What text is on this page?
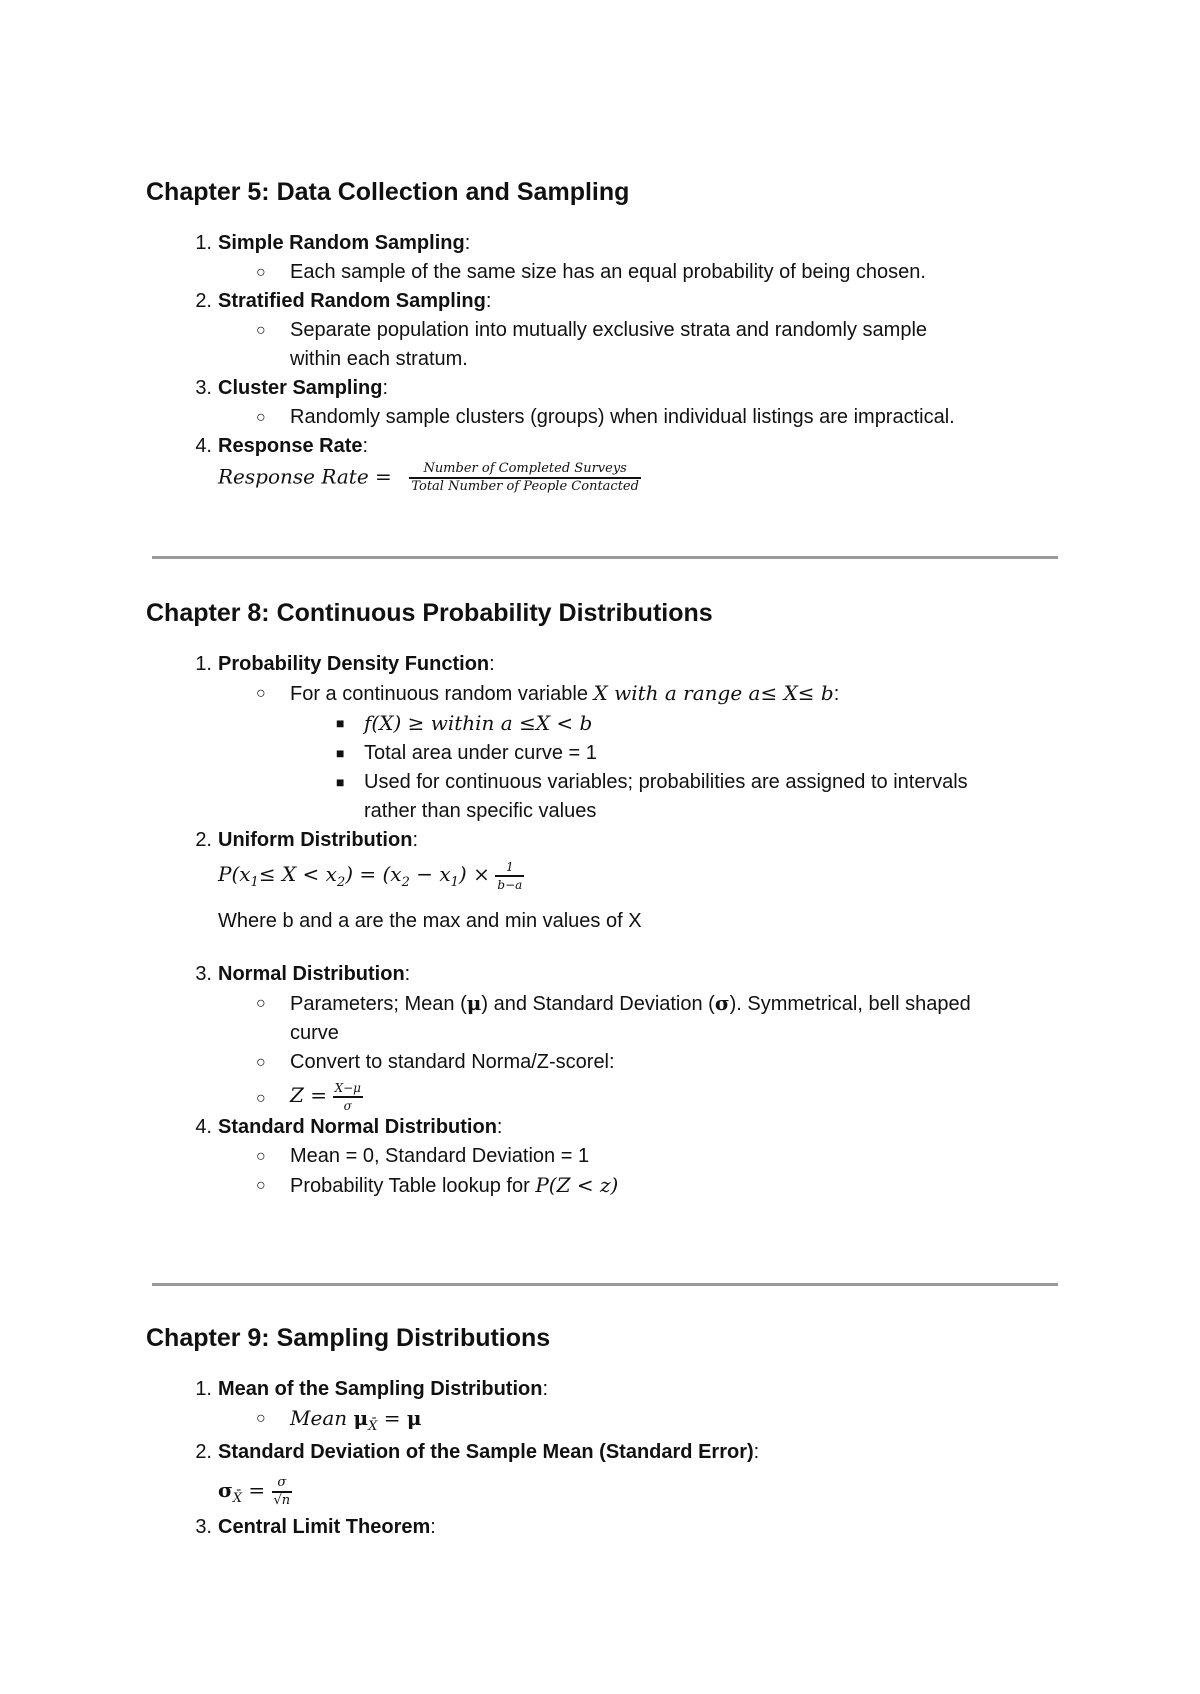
Chapter 5: Data Collection and Sampling
1. Simple Random Sampling:
○ Each sample of the same size has an equal probability of being chosen.
2. Stratified Random Sampling:
○ Separate population into mutually exclusive strata and randomly sample
within each stratum.
3. Cluster Sampling:
○ Randomly sample clusters (groups) when individual listings are impractical.
4. Response Rate:
Response Rate = $\frac{\text{Number of Completed Surveys}}{\text{Total Number of People Contacted}}$
Chapter 8: Continuous Probability Distributions
1. Probability Density Function:
○ For a continuous random variable X with a range a≤ X≤ b:
■ f(X) ≥ within a ≤X < b
■ Total area under curve = 1
■ Used for continuous variables; probabilities are assigned to intervals
rather than specific values
2. Uniform Distribution:
$P(x_1\le X < x_2) = (x_2 - x_1) \times \frac{1}{b-a}$
Where b and a are the max and min values of X
3. Normal Distribution:
○ Parameters; Mean (μ) and Standard Deviation (σ). Symmetrical, bell shaped
curve
○ Convert to standard Norma/Z-scorel:
○ $Z = \frac{X-\mu}{\sigma}$
4. Standard Normal Distribution:
○ Mean = 0, Standard Deviation = 1
○ Probability Table lookup for P(Z < z)
Chapter 9: Sampling Distributions
1. Mean of the Sampling Distribution:
○ Mean $\mu_{X̄} = \mu$
2. Standard Deviation of the Sample Mean (Standard Error):
$\sigma_{X̄} = \frac{\sigma}{√n}$
3. Central Limit Theorem:
